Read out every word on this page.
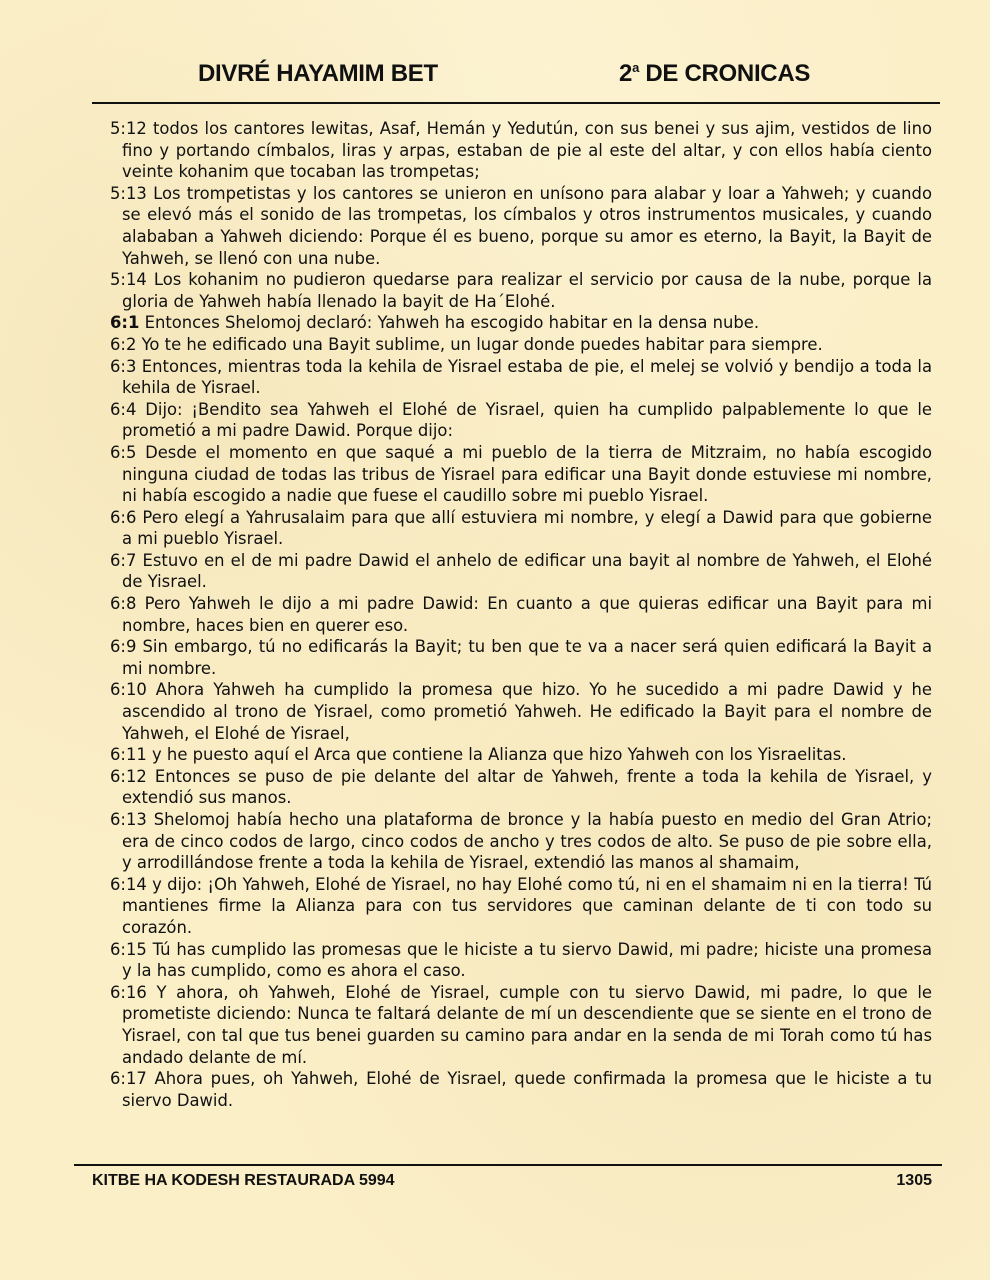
DIVRÉ HAYAMIM BET	2$^a$ DE CRONICAS

5:12 todos los cantores lewitas, Asaf, Hemán y Yedutún, con sus benei y sus ajim, vestidos de lino fino y portando címbalos, liras y arpas, estaban de pie al este del altar, y con ellos había ciento veinte kohanim que tocaban las trompetas;

5:13 Los trompetistas y los cantores se unieron en unísono para alabar y loar a Yahweh; y cuando se elevó más el sonido de las trompetas, los címbalos y otros instrumentos musicales, y cuando alababan a Yahweh diciendo: Porque él es bueno, porque su amor es eterno, la Bayit, la Bayit de Yahweh, se llenó con una nube.

5:14 Los kohanim no pudieron quedarse para realizar el servicio por causa de la nube, porque la gloria de Yahweh había llenado la bayit de Ha´Elohé.

6:1 Entonces Shelomoj declaró: Yahweh ha escogido habitar en la densa nube.

6:2 Yo te he edificado una Bayit sublime, un lugar donde puedes habitar para siempre.

6:3 Entonces, mientras toda la kehila de Yisrael estaba de pie, el melej se volvió y bendijo a toda la kehila de Yisrael.

6:4 Dijo: ¡Bendito sea Yahweh el Elohé de Yisrael, quien ha cumplido palpablemente lo que le prometió a mi padre Dawid. Porque dijo:

6:5 Desde el momento en que saqué a mi pueblo de la tierra de Mitzraim, no había escogido ninguna ciudad de todas las tribus de Yisrael para edificar una Bayit donde estuviese mi nombre, ni había escogido a nadie que fuese el caudillo sobre mi pueblo Yisrael.

6:6 Pero elegí a Yahrusalaim para que allí estuviera mi nombre, y elegí a Dawid para que gobierne a mi pueblo Yisrael.

6:7 Estuvo en el de mi padre Dawid el anhelo de edificar una bayit al nombre de Yahweh, el Elohé de Yisrael.

6:8 Pero Yahweh le dijo a mi padre Dawid: En cuanto a que quieras edificar una Bayit para mi nombre, haces bien en querer eso.

6:9 Sin embargo, tú no edificarás la Bayit; tu ben que te va a nacer será quien edificará la Bayit a mi nombre.

6:10 Ahora Yahweh ha cumplido la promesa que hizo. Yo he sucedido a mi padre Dawid y he ascendido al trono de Yisrael, como prometió Yahweh. He edificado la Bayit para el nombre de Yahweh, el Elohé de Yisrael,

6:11 y he puesto aquí el Arca que contiene la Alianza que hizo Yahweh con los Yisraelitas.

6:12 Entonces se puso de pie delante del altar de Yahweh, frente a toda la kehila de Yisrael, y extendió sus manos.

6:13 Shelomoj había hecho una plataforma de bronce y la había puesto en medio del Gran Atrio; era de cinco codos de largo, cinco codos de ancho y tres codos de alto. Se puso de pie sobre ella, y arrodillándose frente a toda la kehila de Yisrael, extendió las manos al shamaim,

6:14 y dijo: ¡Oh Yahweh, Elohé de Yisrael, no hay Elohé como tú, ni en el shamaim ni en la tierra! Tú mantienes firme la Alianza para con tus servidores que caminan delante de ti con todo su corazón.

6:15 Tú has cumplido las promesas que le hiciste a tu siervo Dawid, mi padre; hiciste una promesa y la has cumplido, como es ahora el caso.

6:16 Y ahora, oh Yahweh, Elohé de Yisrael, cumple con tu siervo Dawid, mi padre, lo que le prometiste diciendo: Nunca te faltará delante de mí un descendiente que se siente en el trono de Yisrael, con tal que tus benei guarden su camino para andar en la senda de mi Torah como tú has andado delante de mí.

6:17 Ahora pues, oh Yahweh, Elohé de Yisrael, quede confirmada la promesa que le hiciste a tu siervo Dawid.

KITBE HA KODESH RESTAURADA 5994	1305
